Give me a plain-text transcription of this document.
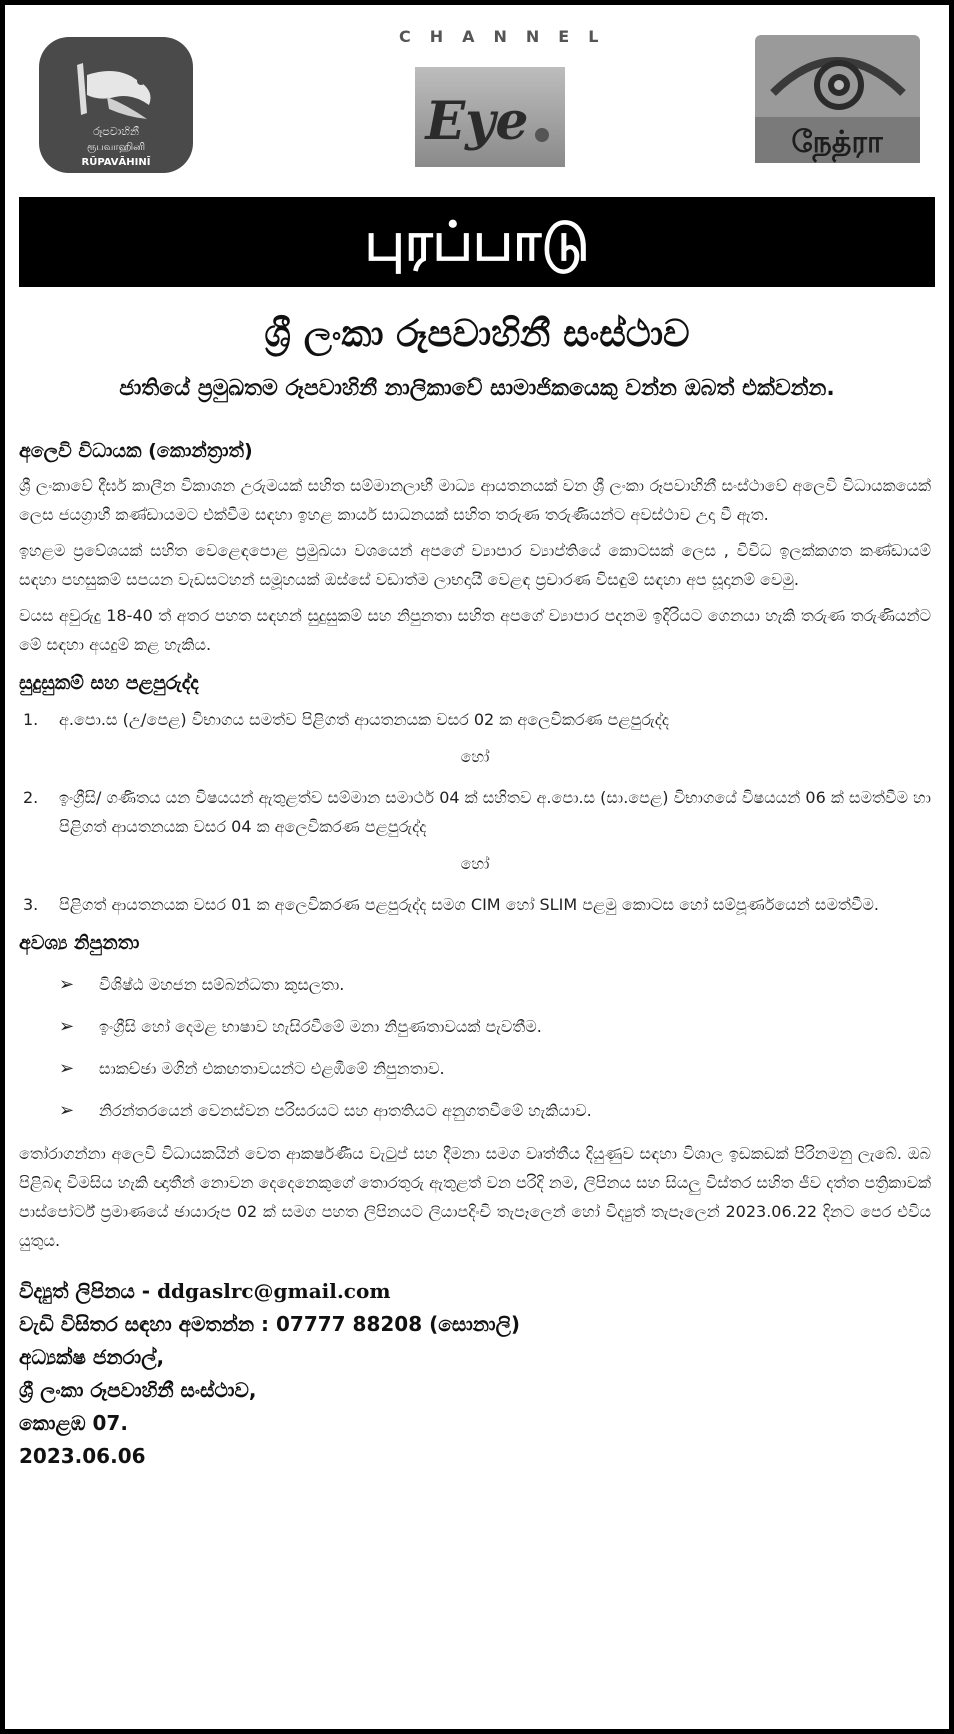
රූපවාහිනී
ரூபவாஹினி
RŪPAVĀHINĪ
CHANNEL
Eye	நேத்ரா
புரப்பாடு
ශ්‍රී ලංකා රූපවාහිනී සංස්ථාව
ජාතියේ ප්‍රමුඛතම රූපවාහිනී නාලිකාවේ සාමාජිකයෙකු වන්න ඔබත් එක්වන්න.
අලෙවි විධායක (කොන්ත්‍රාත්)

ශ්‍රී ලංකාවේ දීර්ඝ කාලීන විකාශන උරුමයක් සහිත සම්මානලාභී මාධ්‍ය ආයතනයක් වන ශ්‍රී ලංකා රූපවාහිනී සංස්ථාවේ අලෙවි විධායකයෙක් ලෙස ජයග්‍රාහී කණ්ඩායමට එක්වීම සඳහා ඉහළ කාර්ය සාධනයක් සහිත තරුණ තරුණියන්ට අවස්ථාව උදා වී ඇත.

ඉහළම ප්‍රවේශයක් සහිත වෙළෙඳපොළ ප්‍රමුඛයා වශයෙන් අපගේ ව්‍යාපාර ව්‍යාප්තියේ කොටසක් ලෙස , විවිධ ඉලක්කගත කණ්ඩායම් සඳහා පහසුකම් සපයන වැඩසටහන් සමූහයක් ඔස්සේ වඩාත්ම ලාභදායී වෙළඳ ප්‍රචාරණ විසඳුම් සඳහා අප සූදානම් වෙමු.

වයස අවුරුදු 18-40 ත් අතර පහත සඳහන් සුදුසුකම් සහ නිපුනතා සහිත අපගේ ව්‍යාපාර පදනම ඉදිරියට ගෙනයා හැකි තරුණ තරුණියන්ට මේ සඳහා අයදුම් කළ හැකිය.

සුදුසුකම් සහ පළපුරුද්ද
1.	අ.පො.ස (උ/පෙළ) විභාගය සමත්ව පිළිගත් ආයතනයක වසර 02 ක අලෙවිකරණ පළපුරුද්ද
හෝ
2.	ඉංග්‍රීසි/ ගණිතය යන විෂයයන් ඇතුළත්ව සම්මාන සමාර්ථ 04 ක් සහිතව අ.පො.ස (සා.පෙළ) විභාගයේ විෂයයන් 06 ක් සමත්වීම හා පිළිගත් ආයතනයක වසර 04 ක අලෙවිකරණ පළපුරුද්ද
හෝ
3.	පිළිගත් ආයතනයක වසර 01 ක අලෙවිකරණ පළපුරුද්ද සමග CIM හෝ SLIM පළමු කොටස හෝ සම්පූර්ණයෙන් සමත්වීම.
අවශ්‍ය නිපුනතා
➢	විශිෂ්ඨ මහජන සම්බන්ධතා කුසලතා.
➢	ඉංග්‍රීසි හෝ දෙමළ භාෂාව හැසිරවීමේ මනා නිපුණතාවයක් පැවතීම.
➢	සාකච්ඡා මගින් එකඟතාවයන්ට එළඹීමේ නිපුනතාව.
➢	නිරන්තරයෙන් වෙනස්වන පරිසරයට සහ ආතතියට අනුගතවීමේ හැකියාව.

තෝරාගන්නා අලෙවි විධායකයින් වෙත ආකර්ෂණීය වැටුප් සහ දීමනා සමග වෘත්තීය දියුණුව සඳහා විශාල ඉඩකඩක් පිරිනමනු ලැබේ. ඔබ පිළිබඳ විමසිය හැකි ඥාතීන් නොවන දෙදෙනෙකුගේ තොරතුරු ඇතුළත් වන පරිදි නම, ලිපිනය සහ සියලු විස්තර සහිත ජීව දත්ත පත්‍රිකාවක් පාස්පෝර්ට් ප්‍රමාණයේ ඡායාරූප 02 ක් සමග පහත ලිපිනයට ලියාපදිංචි තැපෑලෙන් හෝ විද්‍යුත් තැපෑලෙන් 2023.06.22 දිනට පෙර එවිය යුතුය.

විද්‍යුත් ලිපිනය - ddgaslrc@gmail.com
වැඩි විසිතර සඳහා අමතන්න : 07777 88208 (සොනාලි)
අධ්‍යක්ෂ ජනරාල්,
ශ්‍රී ලංකා රූපවාහිනී සංස්ථාව,
කොළඹ 07.
2023.06.06
